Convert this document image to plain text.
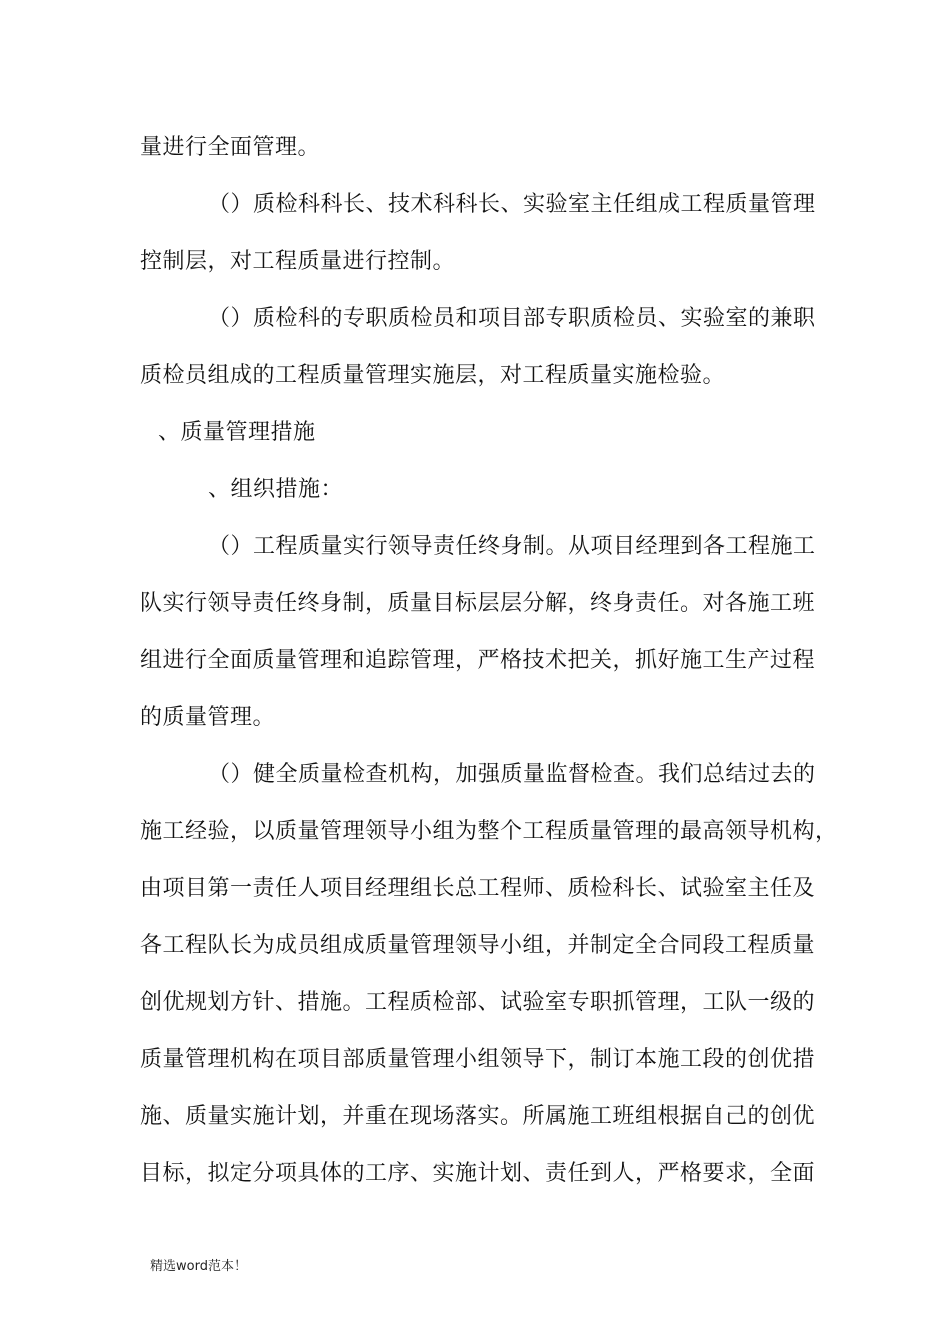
量进行全面管理。
（）质检科科长、技术科科长、实验室主任组成工程质量管理
控制层，对工程质量进行控制。
（）质检科的专职质检员和项目部专职质检员、实验室的兼职
质检员组成的工程质量管理实施层，对工程质量实施检验。
、质量管理措施
、组织措施：
（）工程质量实行领导责任终身制。从项目经理到各工程施工
队实行领导责任终身制，质量目标层层分解，终身责任。对各施工班
组进行全面质量管理和追踪管理，严格技术把关，抓好施工生产过程
的质量管理。
（）健全质量检查机构，加强质量监督检查。我们总结过去的
施工经验，以质量管理领导小组为整个工程质量管理的最高领导机构，
由项目第一责任人项目经理组长总工程师、质检科长、试验室主任及
各工程队长为成员组成质量管理领导小组，并制定全合同段工程质量
创优规划方针、措施。工程质检部、试验室专职抓管理，工队一级的
质量管理机构在项目部质量管理小组领导下，制订本施工段的创优措
施、质量实施计划，并重在现场落实。所属施工班组根据自己的创优
目标，拟定分项具体的工序、实施计划、责任到人，严格要求，全面
精选word范本！
